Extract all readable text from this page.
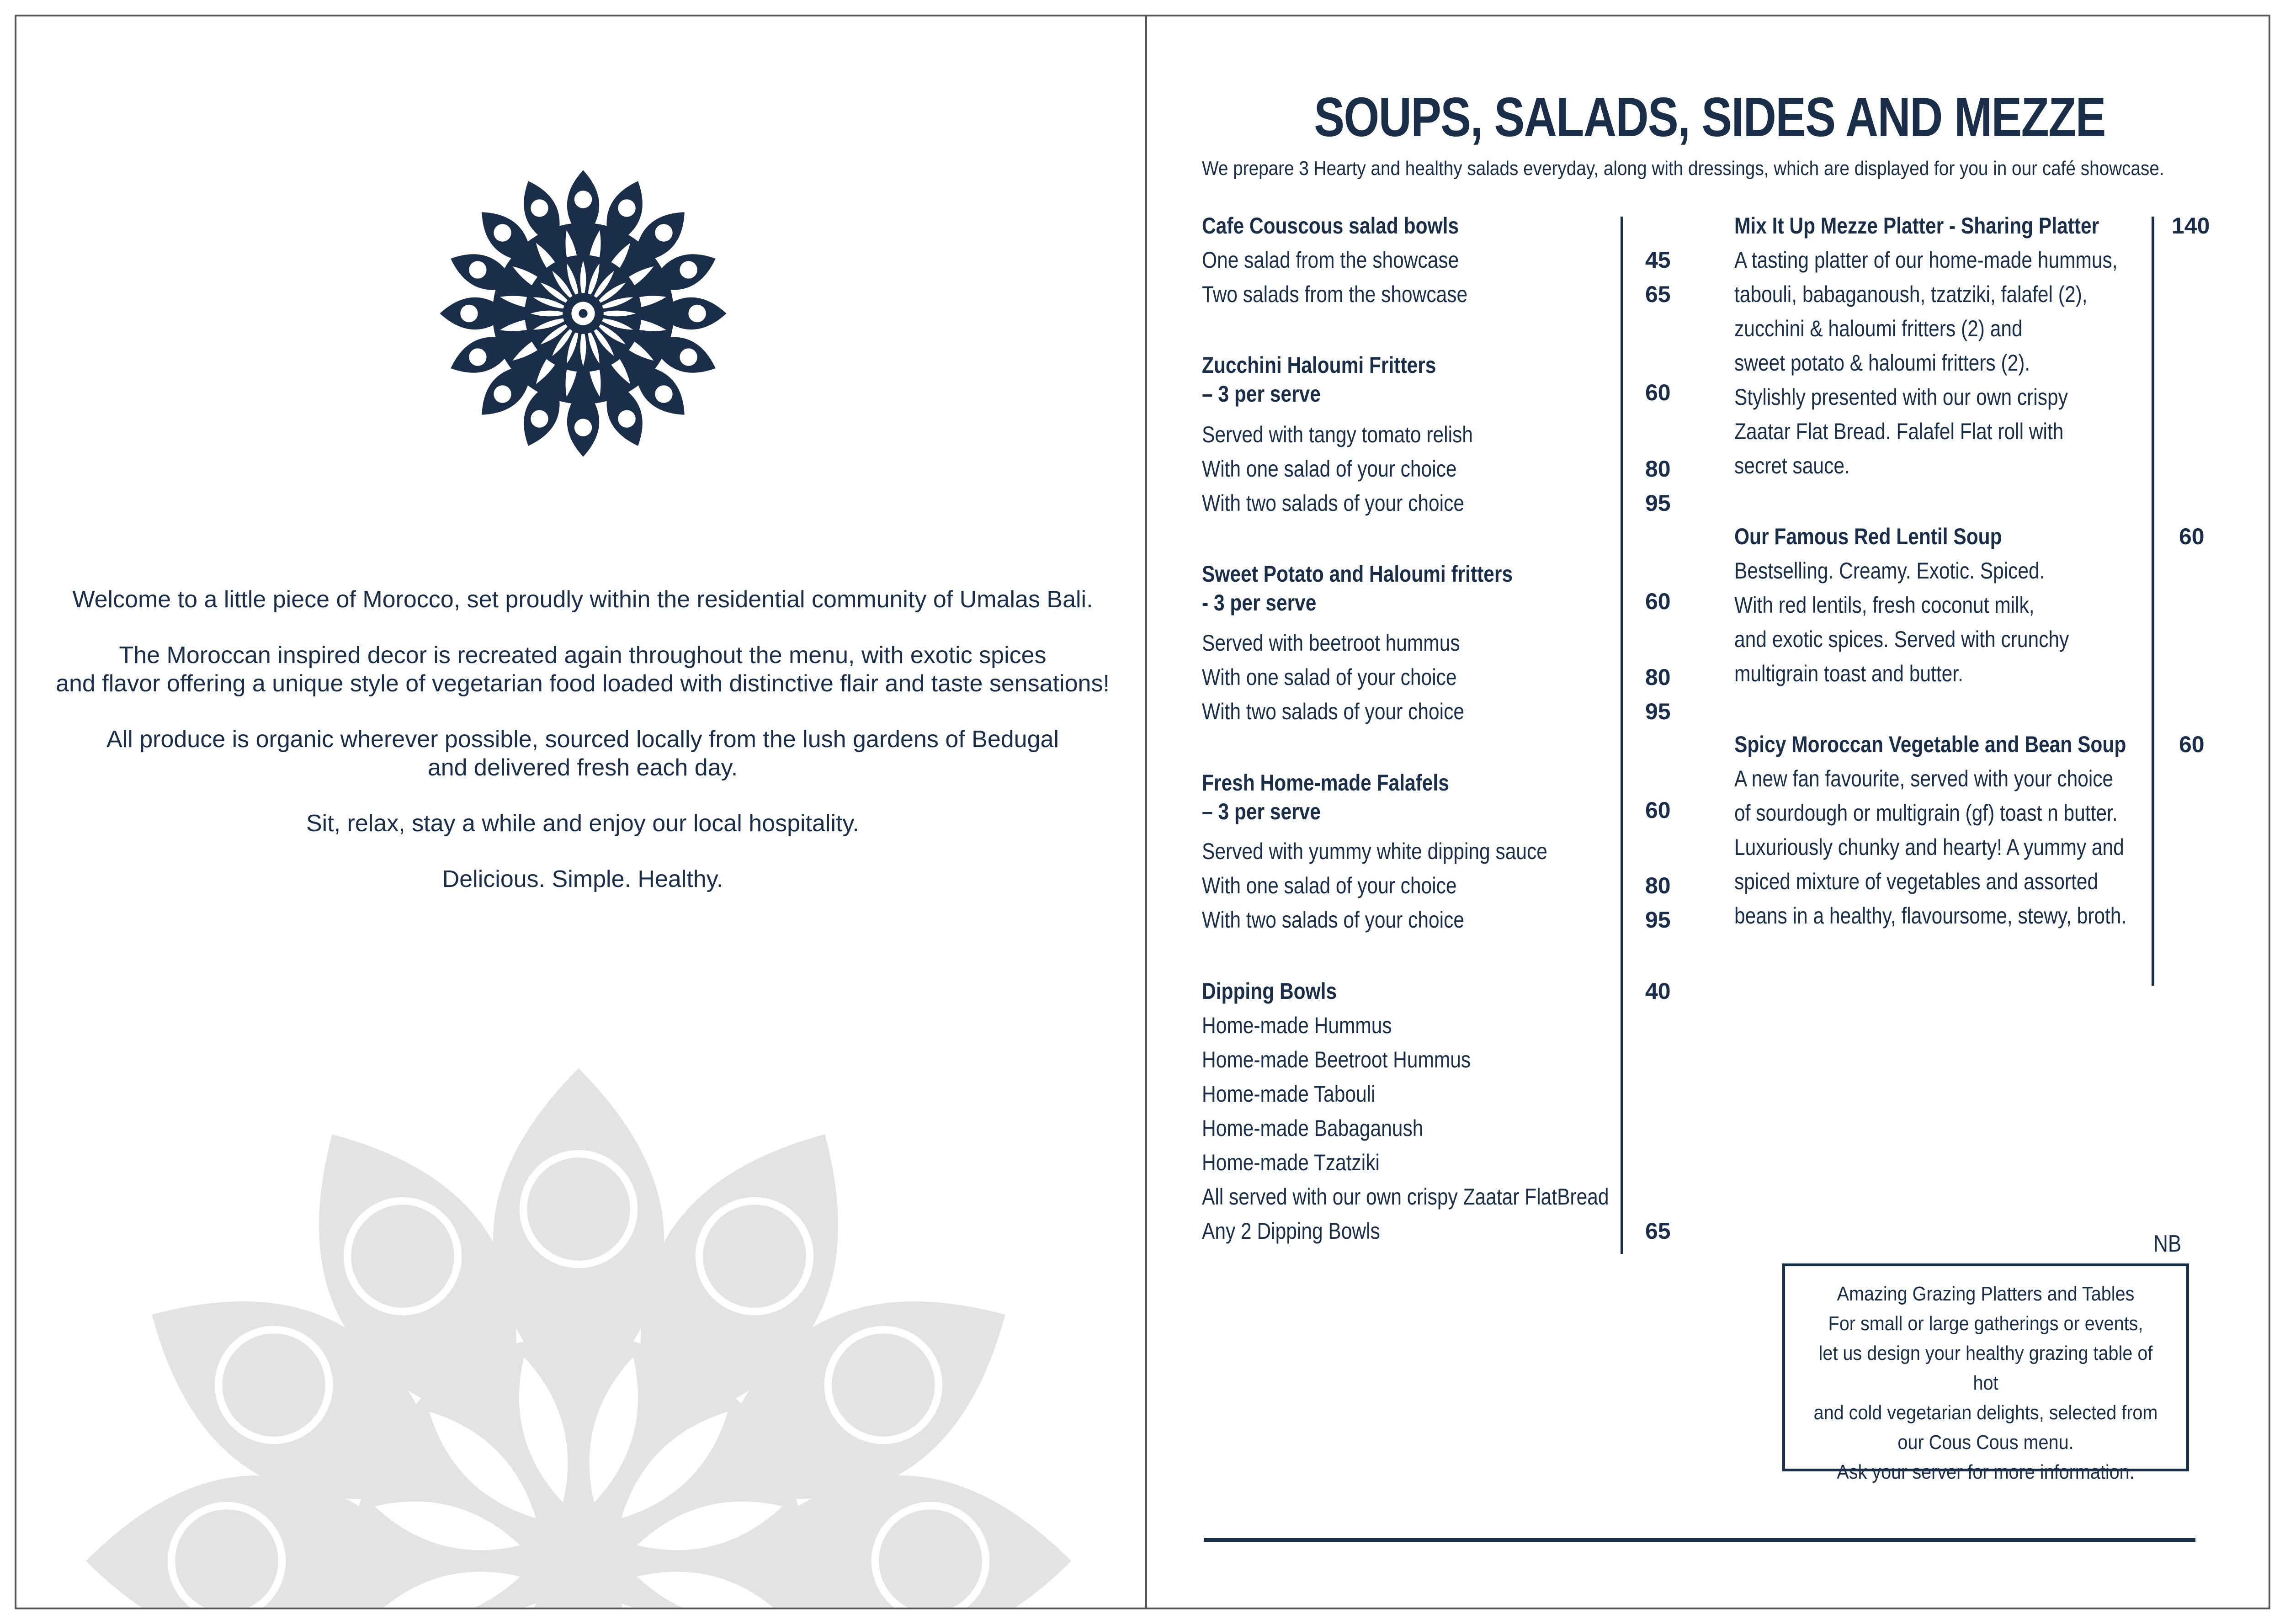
Welcome to a little piece of Morocco, set proudly within the residential community of Umalas Bali.

The Moroccan inspired decor is recreated again throughout the menu, with exotic spices
and flavor offering a unique style of vegetarian food loaded with distinctive flair and taste sensations!

All produce is organic wherever possible, sourced locally from the lush gardens of Bedugal
and delivered fresh each day.

Sit, relax, stay a while and enjoy our local hospitality.

Delicious. Simple. Healthy.

SOUPS, SALADS, SIDES AND MEZZE
We prepare 3 Hearty and healthy salads everyday, along with dressings, which are displayed for you in our café showcase.
Cafe Couscous salad bowls
One salad from the showcase
Two salads from the showcase
Zucchini Haloumi Fritters
– 3 per serve
Served with tangy tomato relish
With one salad of your choice
With two salads of your choice
Sweet Potato and Haloumi fritters
- 3 per serve
Served with beetroot hummus
With one salad of your choice
With two salads of your choice
Fresh Home-made Falafels
– 3 per serve
Served with yummy white dipping sauce
With one salad of your choice
With two salads of your choice
Dipping Bowls
Home-made Hummus
Home-made Beetroot Hummus
Home-made Tabouli
Home-made Babaganush
Home-made Tzatziki
All served with our own crispy Zaatar FlatBread
Any 2 Dipping Bowls
45
65
60
80
95
60
80
95
60
80
95
40
65
Mix It Up Mezze Platter - Sharing Platter
A tasting platter of our home-made hummus,
tabouli, babaganoush, tzatziki, falafel (2),
zucchini & haloumi fritters (2) and
sweet potato & haloumi fritters (2).
Stylishly presented with our own crispy
Zaatar Flat Bread. Falafel Flat roll with
secret sauce.
Our Famous Red Lentil Soup
Bestselling. Creamy. Exotic. Spiced.
With red lentils, fresh coconut milk,
and exotic spices. Served with crunchy
multigrain toast and butter.
Spicy Moroccan Vegetable and Bean Soup
A new fan favourite, served with your choice
of sourdough or multigrain (gf) toast n butter.
Luxuriously chunky and hearty! A yummy and
spiced mixture of vegetables and assorted
beans in a healthy, flavoursome, stewy, broth.
140
60
60
NB
Amazing Grazing Platters and Tables
For small or large gatherings or events,
let us design your healthy grazing table of hot
and cold vegetarian delights, selected from
our Cous Cous menu.
Ask your server for more information.
